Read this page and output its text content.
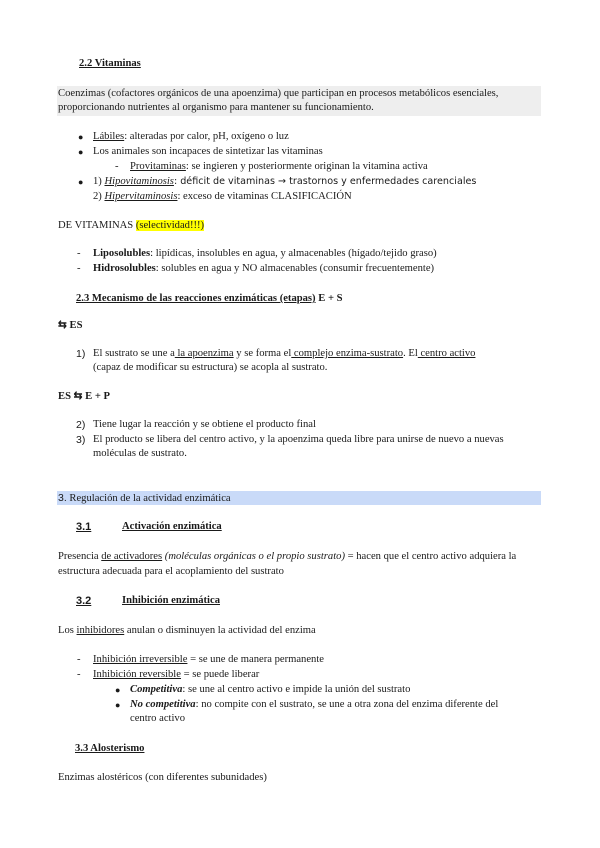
2.2 Vitaminas
Coenzimas (cofactores orgánicos de una apoenzima) que participan en procesos metabólicos esenciales,
proporcionando nutrientes al organismo para mantener su funcionamiento.
● Lábiles: alteradas por calor, pH, oxígeno o luz
● Los animales son incapaces de sintetizar las vitaminas
- Provitaminas: se ingieren y posteriormente originan la vitamina activa
● 1) Hipovitaminosis: déficit de vitaminas → trastornos y enfermedades carenciales
2) Hipervitaminosis: exceso de vitaminas CLASIFICACIÓN
DE VITAMINAS (selectividad!!!)
- Liposolubles: lipídicas, insolubles en agua, y almacenables (hígado/tejido graso)
- Hidrosolubles: solubles en agua y NO almacenables (consumir frecuentemente)
2.3 Mecanismo de las reacciones enzimáticas (etapas) E + S
⇆ ES
1) El sustrato se une a la apoenzima y se forma el complejo enzima-sustrato. El centro activo
(capaz de modificar su estructura) se acopla al sustrato.
ES ⇆ E + P
2) Tiene lugar la reacción y se obtiene el producto final
3) El producto se libera del centro activo, y la apoenzima queda libre para unirse de nuevo a nuevas
moléculas de sustrato.
3. Regulación de la actividad enzimática
3.1	Activación enzimática
Presencia de activadores (moléculas orgánicas o el propio sustrato) = hacen que el centro activo adquiera la
estructura adecuada para el acoplamiento del sustrato
3.2	Inhibición enzimática
Los inhibidores anulan o disminuyen la actividad del enzima
- Inhibición irreversible = se une de manera permanente
- Inhibición reversible = se puede liberar
● Competitiva: se une al centro activo e impide la unión del sustrato
● No competitiva: no compite con el sustrato, se une a otra zona del enzima diferente del
centro activo
3.3 Alosterismo
Enzimas alostéricos (con diferentes subunidades)
